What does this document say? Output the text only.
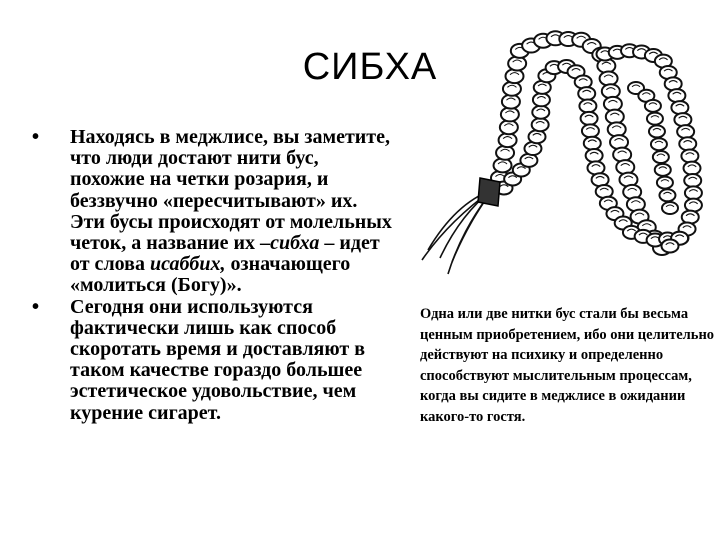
СИБХА
• Находясь в меджлисе, вы заметите, что люди достают нити бус, похожие на четки розария, и беззвучно «пересчитывают» их. Эти бусы происходят от молельных четок, а название их –сибха – идет от слова исаббих, означающего «молиться (Богу)».
• Сегодня они используются фактически лишь как способ скоротать время и доставляют в таком качестве гораздо большее эстетическое удовольствие, чем курение сигарет.
Одна или две нитки бус стали бы весьма ценным приобретением, ибо они целительно действуют на психику и определенно способствуют мыслительным процессам, когда вы сидите в меджлисе в ожидании какого-то гостя.
